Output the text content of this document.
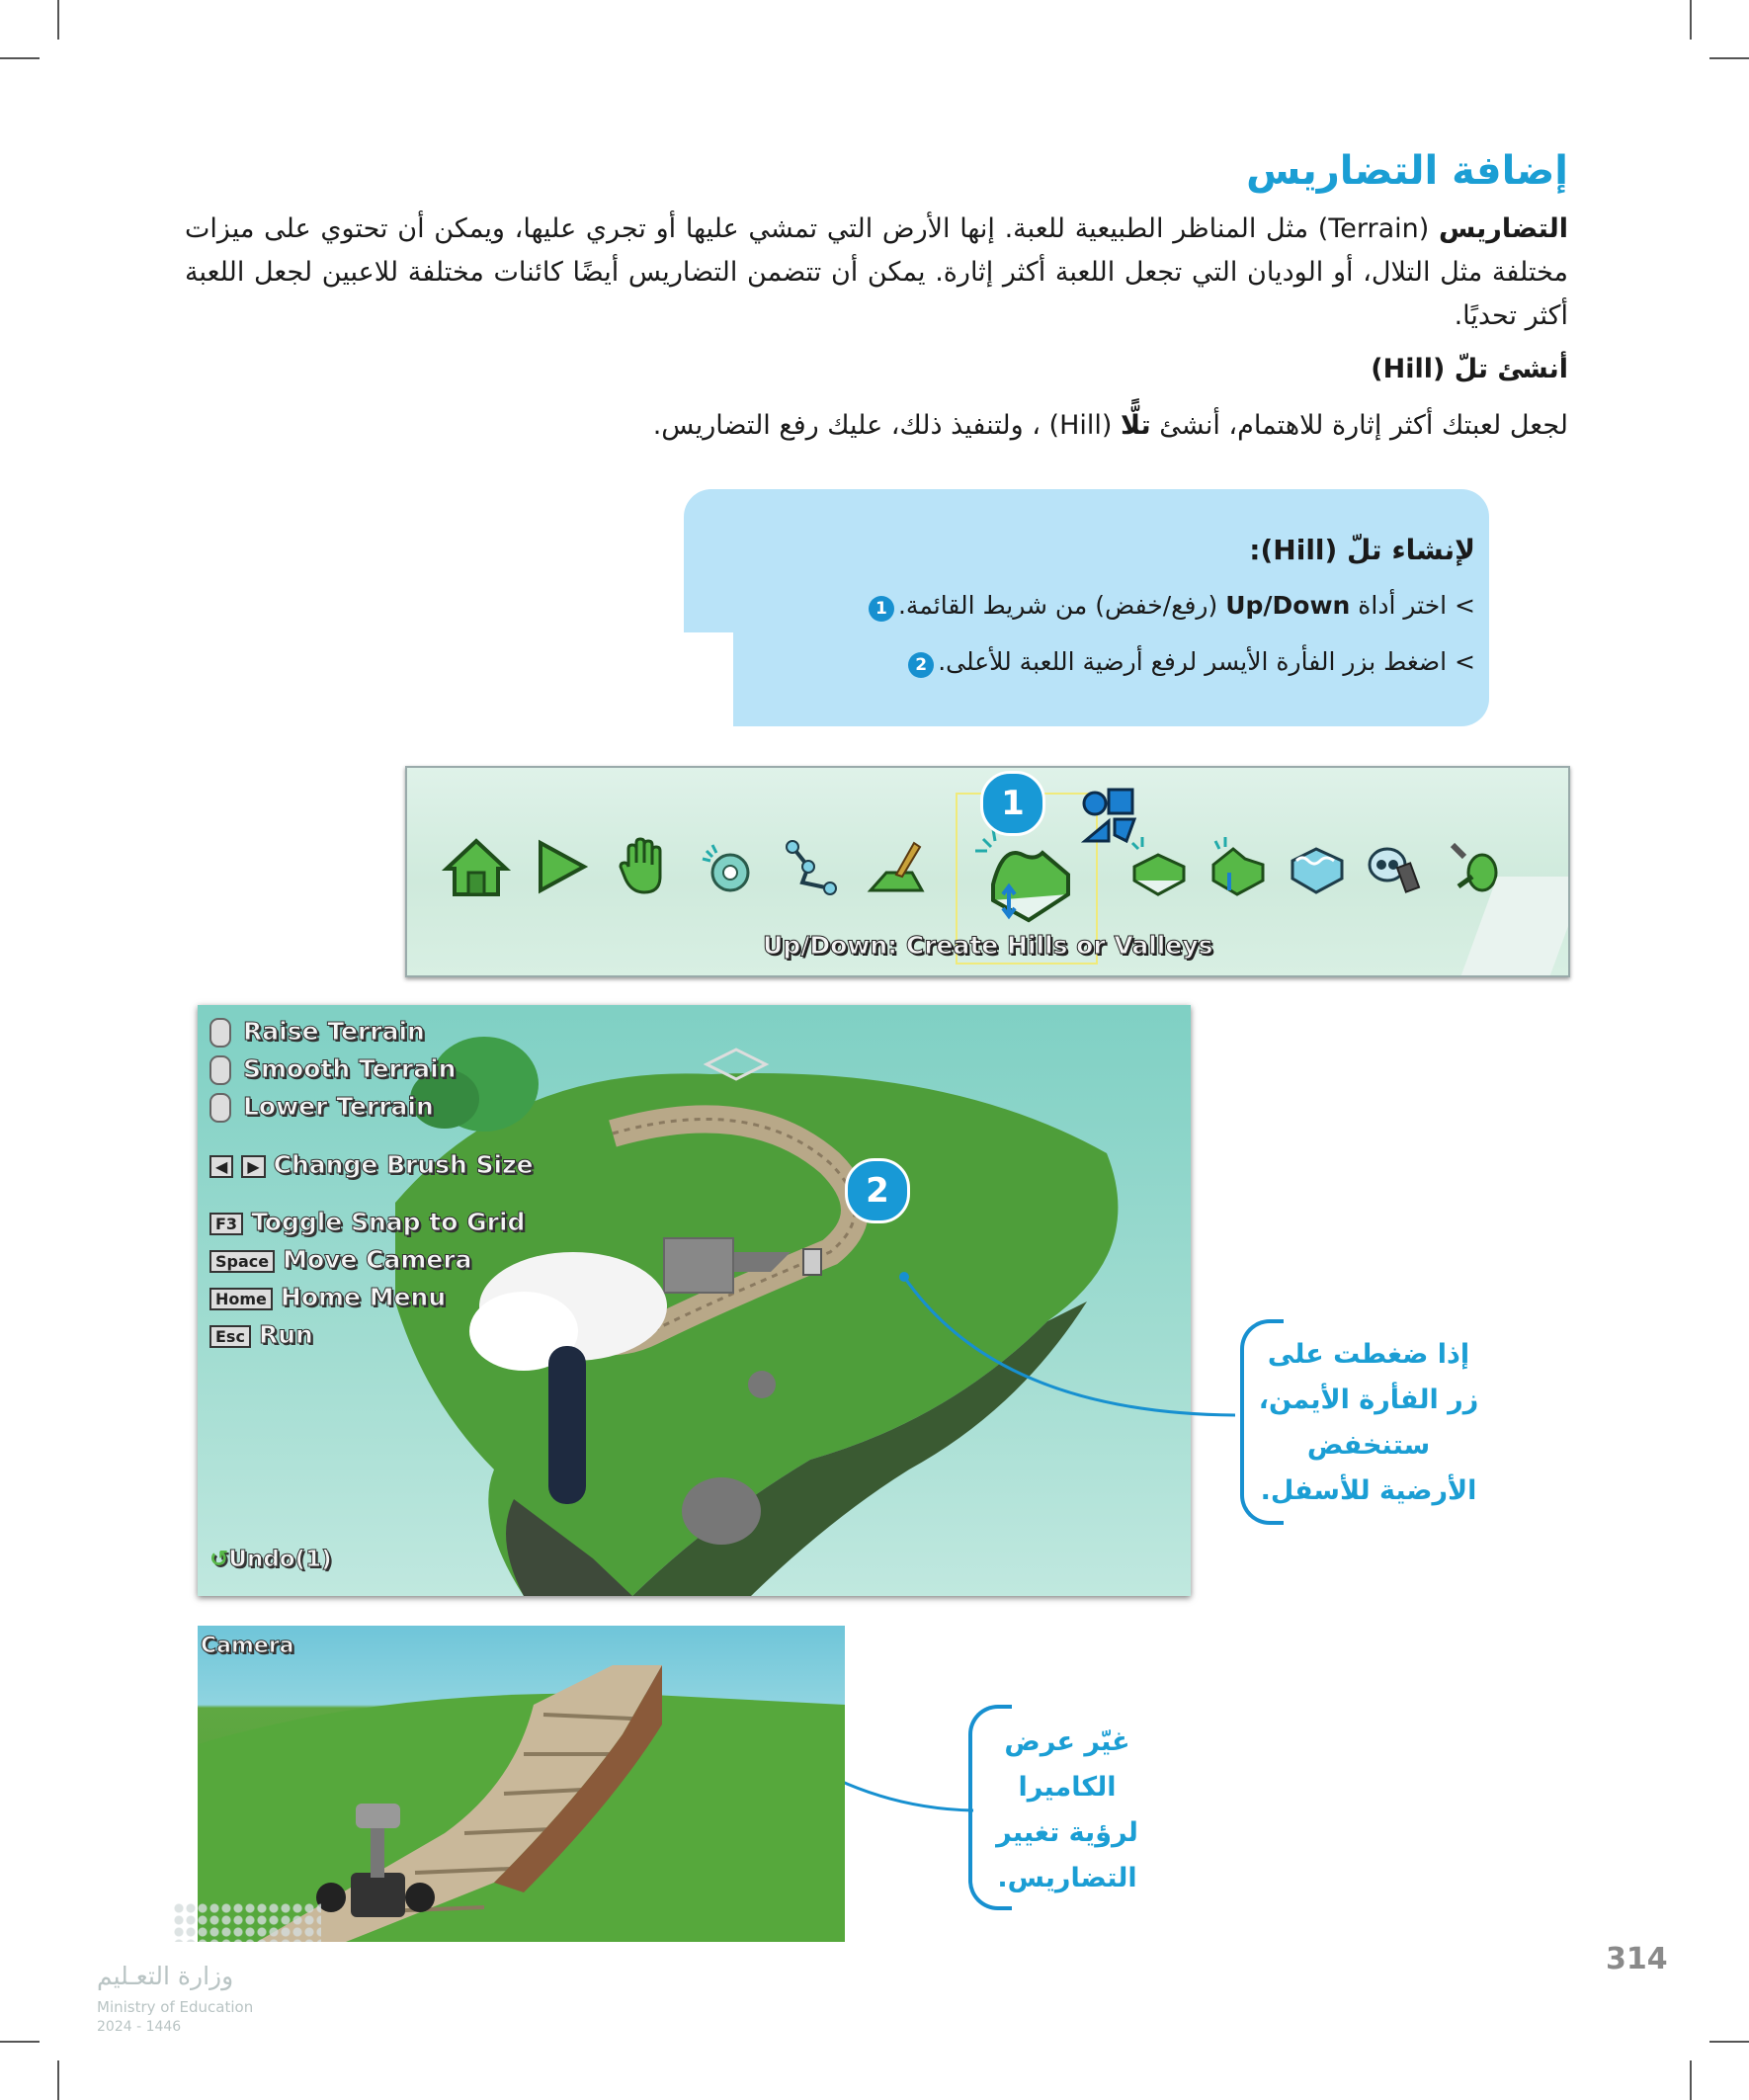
إضافة التضاريس
التضاريس (Terrain) مثل المناظر الطبيعية للعبة. إنها الأرض التي تمشي عليها أو تجري عليها، ويمكن أن تحتوي على ميزات مختلفة مثل التلال، أو الوديان التي تجعل اللعبة أكثر إثارة. يمكن أن تتضمن التضاريس أيضًا كائنات مختلفة للاعبين لجعل اللعبة أكثر تحديًا.
أنشئ تلّ (Hill)
لجعل لعبتك أكثر إثارة للاهتمام، أنشئ تلًّا (Hill) ، ولتنفيذ ذلك، عليك رفع التضاريس.
لإنشاء تلّ (Hill):
> اختر أداة Up/Down (رفع/خفض) من شريط القائمة.1
> اضغط بزر الفأرة الأيسر لرفع أرضية اللعبة للأعلى.2
Up/Down: Create Hills or Valleys
1
Raise Terrain
Smooth Terrain
Lower Terrain
◀ ▶ Change Brush Size
F3 Toggle Snap to Grid
Space Move Camera
Home Home Menu
Esc Run
↺Undo(1)
2
Camera
إذا ضغطت على
زر الفأرة الأيمن،
ستنخفض
الأرضية للأسفل.
غيّر عرض
الكاميرا
لرؤية تغيير
التضاريس.
وزارة التعـليم
Ministry of Education
2024 - 1446
314
